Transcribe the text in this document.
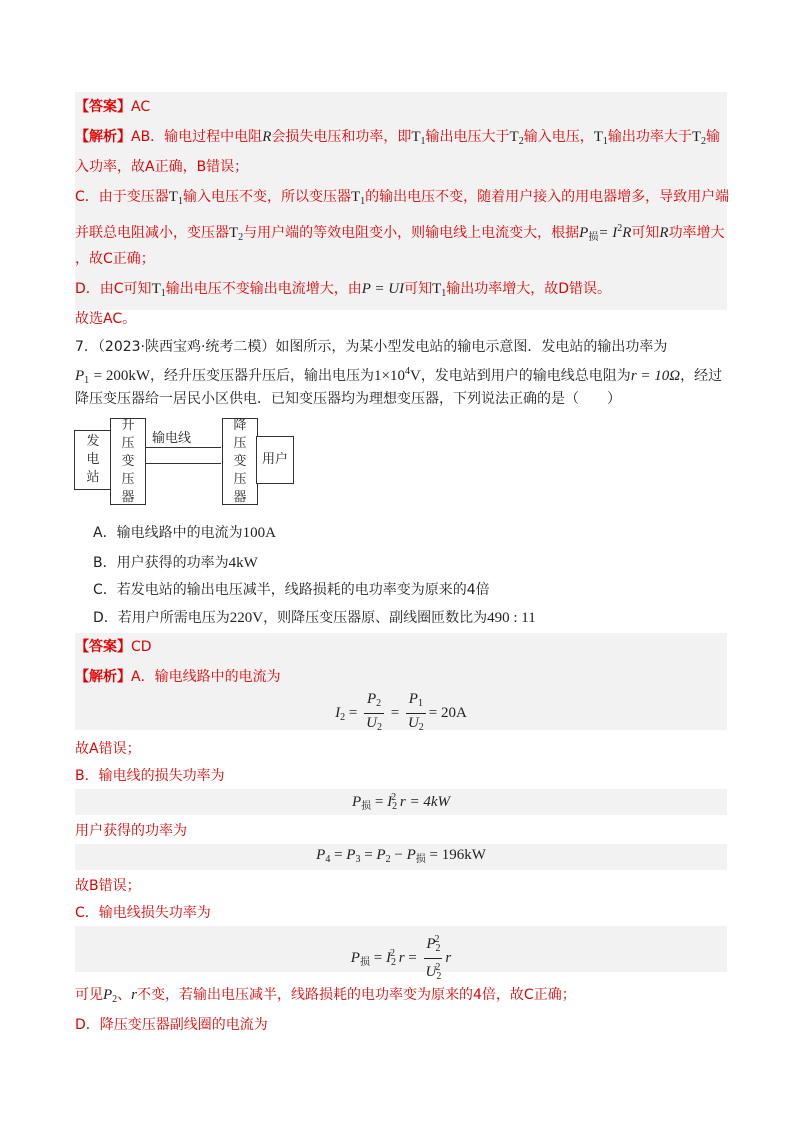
【答案】AC
【解析】AB．输电过程中电阻R会损失电压和功率，即$T_1$输出电压大于$T_2$输入电压，$T_1$输出功率大于$T_2$输
入功率，故A正确，B错误；
C．由于变压器$T_1$输入电压不变，所以变压器$T_1$的输出电压不变，随着用户接入的用电器增多，导致用户端
并联总电阻减小，变压器$T_2$与用户端的等效电阻变小，则输电线上电流变大，根据$P_损= I^2R$可知R功率增大
，故C正确；
D．由C可知$T_1$输出电压不变输出电流增大，由P = UI可知$T_1$输出功率增大，故D错误。
故选AC。
7．（2023·陕西宝鸡·统考二模）如图所示，为某小型发电站的输电示意图．发电站的输出功率为
$P_1 = 200kW$，经升压变压器升压后，输出电压为$1\times 10^4V$，发电站到用户的输电线总电阻为r = 10Ω，经过
降压变压器给一居民小区供电．已知变压器均为理想变压器，下列说法正确的是（　　）
发电站
升压变压器
输电线
降压变压器
用户
A．输电线路中的电流为100A
B．用户获得的功率为4kW
C．若发电站的输出电压减半，线路损耗的电功率变为原来的4倍
D．若用户所需电压为220V，则降压变压器原、副线圈匝数比为490 : 11
【答案】CD
【解析】A．输电线路中的电流为
$I_2 = \frac{P_2}{U_2} = \frac{P_1}{U_2} = 20A$
故A错误；
B．输电线的损失功率为
$P_损 = I_2^2$ r = 4kW
用户获得的功率为
$P_4 = P_3 = P_2 - P_损 = 196kW$
故B错误；
C．输电线损失功率为
$P_损 = I_2^2$ $r = \frac{P_2^2}{U_2^2}$ r
可见$P_2$、r不变，若输出电压减半，线路损耗的电功率变为原来的4倍，故C正确；
D．降压变压器副线圈的电流为
